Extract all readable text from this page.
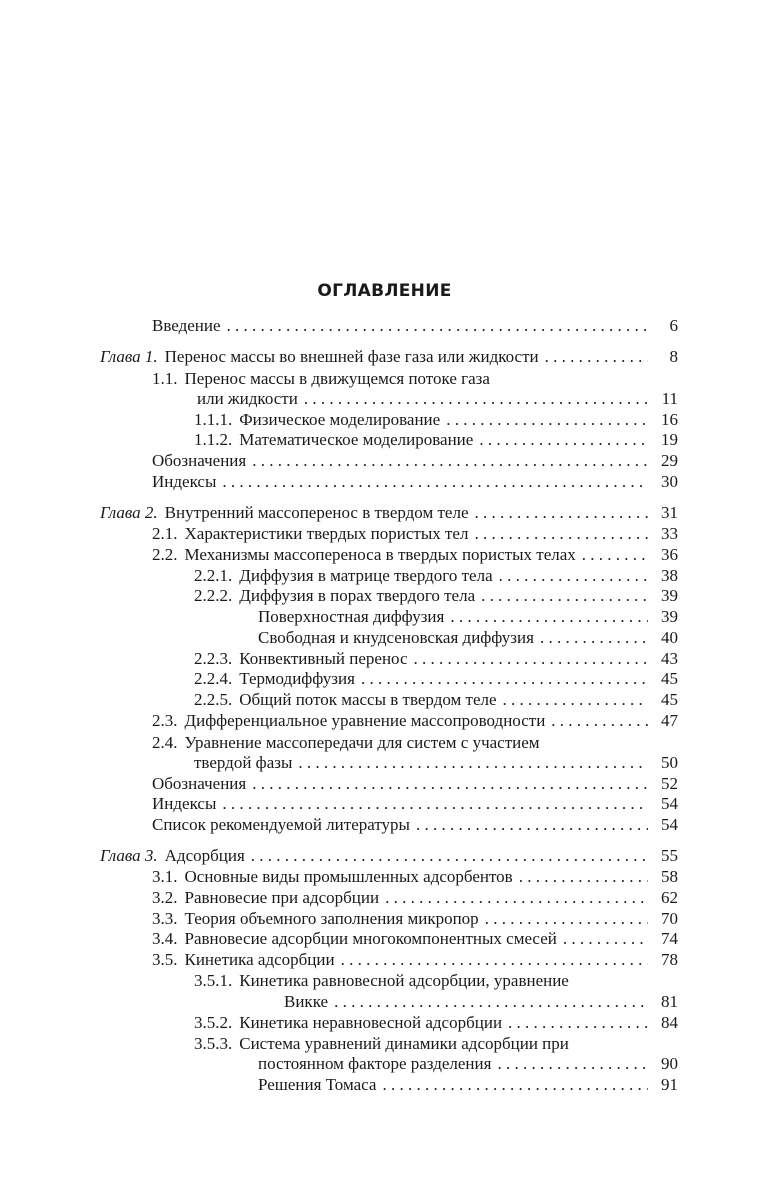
ОГЛАВЛЕНИЕ
Введение . . .	6
Глава 1. Перенос массы во внешней фазе газа или жидкости . . .	8
1.1. Перенос массы в движущемся потоке газа
или жидкости . . .	11
1.1.1. Физическое моделирование . . .	16
1.1.2. Математическое моделирование . . .	19
Обозначения . . .	29
Индексы . . .	30
Глава 2. Внутренний массоперенос в твердом теле . . .	31
2.1. Характеристики твердых пористых тел . . .	33
2.2. Механизмы массопереноса в твердых пористых телах . . .	36
2.2.1. Диффузия в матрице твердого тела . . .	38
2.2.2. Диффузия в порах твердого тела . . .	39
Поверхностная диффузия . . .	39
Свободная и кнудсеновская диффузия . . .	40
2.2.3. Конвективный перенос . . .	43
2.2.4. Термодиффузия . . .	45
2.2.5. Общий поток массы в твердом теле . . .	45
2.3. Дифференциальное уравнение массопроводности . . .	47
2.4. Уравнение массопередачи для систем с участием
твердой фазы . . .	50
Обозначения . . .	52
Индексы . . .	54
Список рекомендуемой литературы . . .	54
Глава 3. Адсорбция . . .	55
3.1. Основные виды промышленных адсорбентов . . .	58
3.2. Равновесие при адсорбции . . .	62
3.3. Теория объемного заполнения микропор . . .	70
3.4. Равновесие адсорбции многокомпонентных смесей . . .	74
3.5. Кинетика адсорбции . . .	78
3.5.1. Кинетика равновесной адсорбции, уравнение
Викке . . .	81
3.5.2. Кинетика неравновесной адсорбции . . .	84
3.5.3. Система уравнений динамики адсорбции при
постоянном факторе разделения . . .	90
Решения Томаса . . .	91
